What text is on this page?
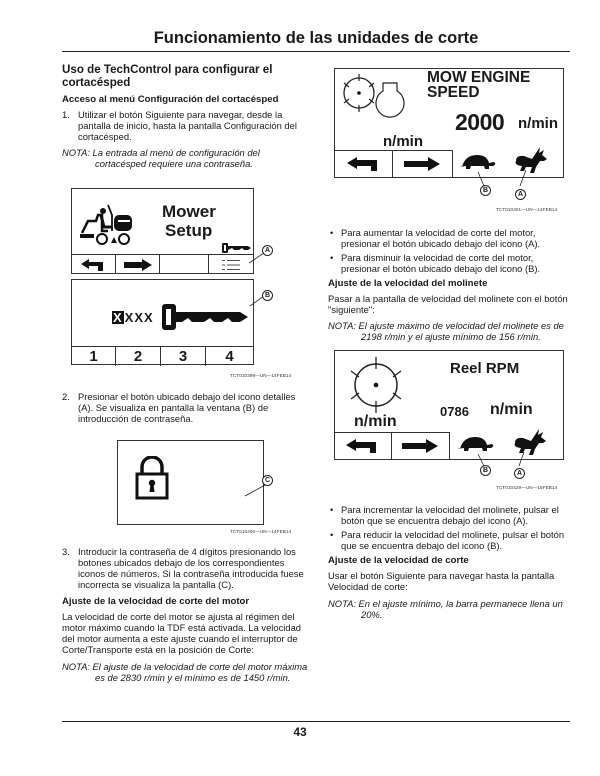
Funcionamiento de las unidades de corte
Uso de TechControl para configurar el cortacésped
Acceso al menú Configuración del cortacésped
1. Utilizar el botón Siguiente para navegar, desde la pantalla de inicio, hasta la pantalla Configuración del cortacésped.

NOTA: La entrada al menú de configuración del cortacésped requiere una contraseña.

Mower
Setup
A
X XXX
1	2	3	4
B
TCT010399—UN—14FEB14
2. Presionar el botón ubicado debajo del icono detalles (A). Se visualiza en pantalla la ventana (B) de introducción de contraseña.
C
TCT010400—UN—14FEB14
3. Introducir la contraseña de 4 dígitos presionando los botones ubicados debajo de los correspondientes iconos de números. Si la contraseña introducida fuese incorrecta se visualiza la pantalla (C).
Ajuste de la velocidad de corte del motor

La velocidad de corte del motor se ajusta al régimen del motor máximo cuando la TDF está activada. La velocidad del motor aumenta a este ajuste cuando el interruptor de Corte/Transporte está en la posición de Corte:

NOTA: El ajuste de la velocidad de corte del motor máxima es de 2830 r/min y el mínimo es de 1450 r/min.

MOW ENGINE
SPEED
2000 n/min
n/min
B
A
TCT010401—UN—14FEB14
• Para aumentar la velocidad de corte del motor, presionar el botón ubicado debajo del icono (A).
• Para disminuir la velocidad de corte del motor, presionar el botón ubicado debajo del icono (B).
Ajuste de la velocidad del molinete

Pasar a la pantalla de velocidad del molinete con el botón "siguiente":

NOTA: El ajuste máximo de velocidad del molinete es de 2198 r/min y el ajuste mínimo de 156 r/min.

Reel RPM
0786 n/min
n/min
B	A
TCT010429—UN—15FEB14
• Para incrementar la velocidad del molinete, pulsar el botón que se encuentra debajo del icono (A).
• Para reducir la velocidad del molinete, pulsar el botón que se encuentra debajo del icono (B).
Ajuste de la velocidad de corte

Usar el botón Siguiente para navegar hasta la pantalla Velocidad de corte:

NOTA: En el ajuste mínimo, la barra permanece llena un 20%.

43
